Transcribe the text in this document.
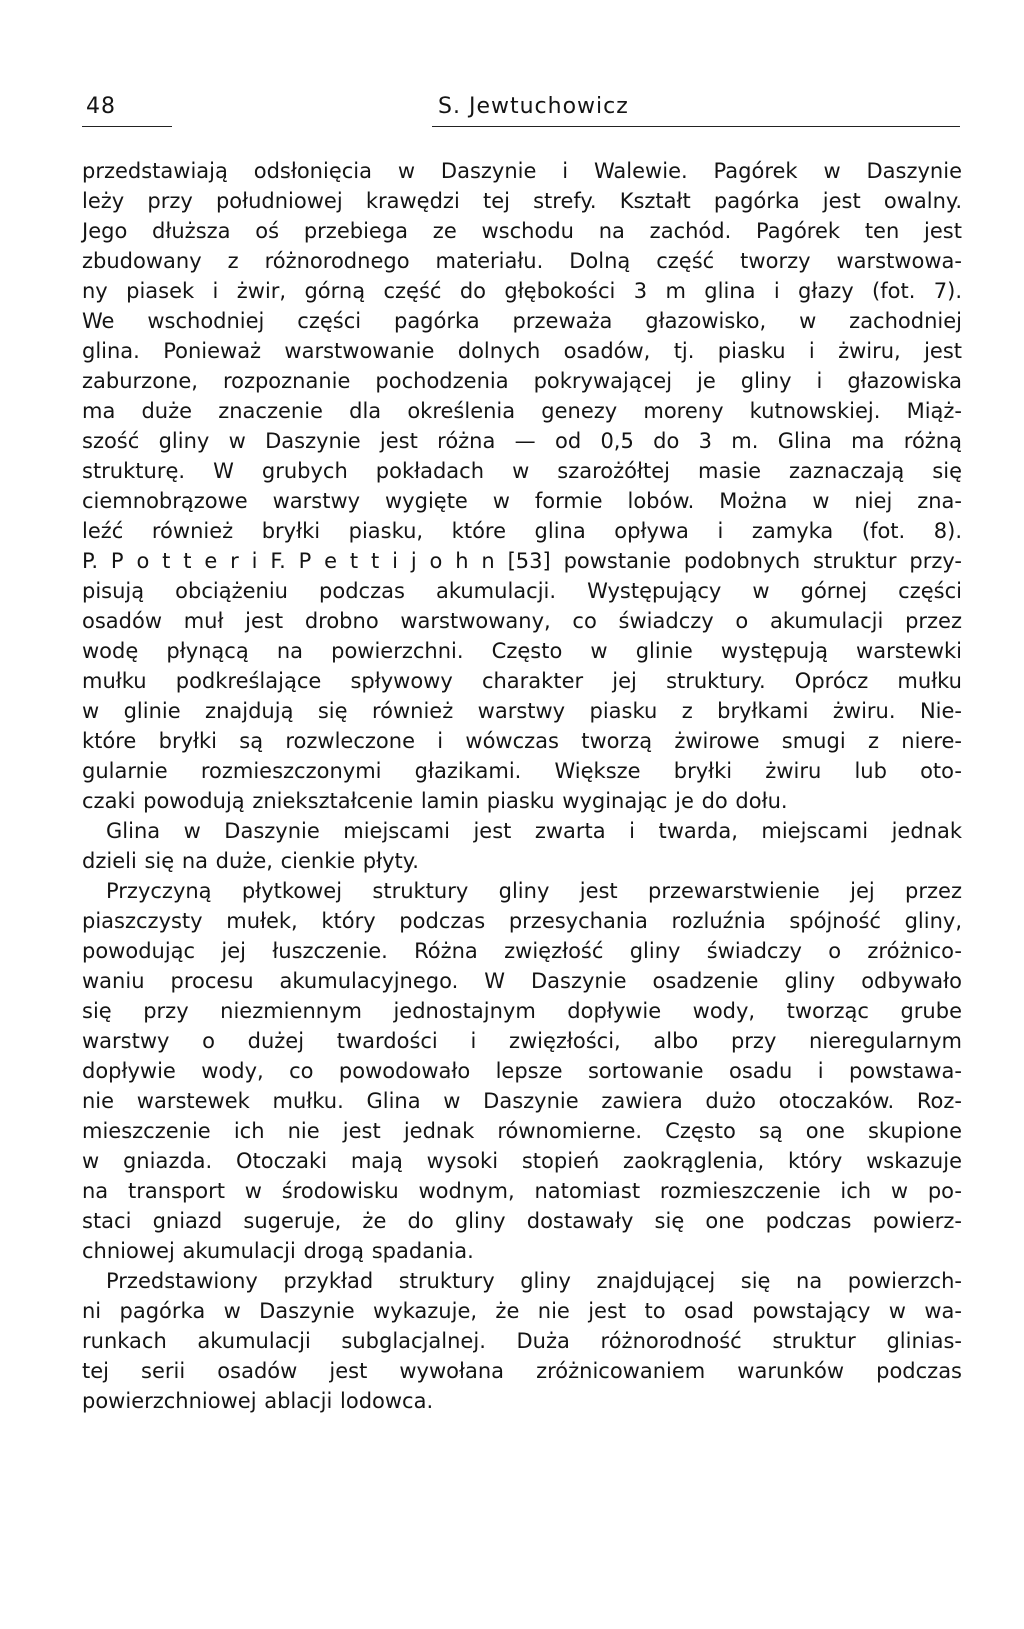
48	S. Jewtuchowicz
przedstawiają odsłonięcia w Daszynie i Walewie. Pagórek w Daszynie
leży przy południowej krawędzi tej strefy. Kształt pagórka jest owalny.
Jego dłuższa oś przebiega ze wschodu na zachód. Pagórek ten jest
zbudowany z różnorodnego materiału. Dolną część tworzy warstwowa-
ny piasek i żwir, górną część do głębokości 3 m glina i głazy (fot. 7).
We wschodniej części pagórka przeważa głazowisko, w zachodniej
glina. Ponieważ warstwowanie dolnych osadów, tj. piasku i żwiru, jest
zaburzone, rozpoznanie pochodzenia pokrywającej je gliny i głazowiska
ma duże znaczenie dla określenia genezy moreny kutnowskiej. Miąż-
szość gliny w Daszynie jest różna — od 0,5 do 3 m. Glina ma różną
strukturę. W grubych pokładach w szarożółtej masie zaznaczają się
ciemnobrązowe warstwy wygięte w formie lobów. Można w niej zna-
leźć również bryłki piasku, które glina opływa i zamyka (fot. 8).
P. P o t t e r i F. P e t t i j o h n [53] powstanie podobnych struktur przy-
pisują obciążeniu podczas akumulacji. Występujący w górnej części
osadów muł jest drobno warstwowany, co świadczy o akumulacji przez
wodę płynącą na powierzchni. Często w glinie występują warstewki
mułku podkreślające spływowy charakter jej struktury. Oprócz mułku
w glinie znajdują się również warstwy piasku z bryłkami żwiru. Nie-
które bryłki są rozwleczone i wówczas tworzą żwirowe smugi z niere-
gularnie rozmieszczonymi głazikami. Większe bryłki żwiru lub oto-
czaki powodują zniekształcenie lamin piasku wyginając je do dołu.
Glina w Daszynie miejscami jest zwarta i twarda, miejscami jednak
dzieli się na duże, cienkie płyty.
Przyczyną płytkowej struktury gliny jest przewarstwienie jej przez
piaszczysty mułek, który podczas przesychania rozluźnia spójność gliny,
powodując jej łuszczenie. Różna zwięzłość gliny świadczy o zróżnico-
waniu procesu akumulacyjnego. W Daszynie osadzenie gliny odbywało
się przy niezmiennym jednostajnym dopływie wody, tworząc grube
warstwy o dużej twardości i zwięzłości, albo przy nieregularnym
dopływie wody, co powodowało lepsze sortowanie osadu i powstawa-
nie warstewek mułku. Glina w Daszynie zawiera dużo otoczaków. Roz-
mieszczenie ich nie jest jednak równomierne. Często są one skupione
w gniazda. Otoczaki mają wysoki stopień zaokrąglenia, który wskazuje
na transport w środowisku wodnym, natomiast rozmieszczenie ich w po-
staci gniazd sugeruje, że do gliny dostawały się one podczas powierz-
chniowej akumulacji drogą spadania.
Przedstawiony przykład struktury gliny znajdującej się na powierzch-
ni pagórka w Daszynie wykazuje, że nie jest to osad powstający w wa-
runkach akumulacji subglacjalnej. Duża różnorodność struktur glinias-
tej serii osadów jest wywołana zróżnicowaniem warunków podczas
powierzchniowej ablacji lodowca.
